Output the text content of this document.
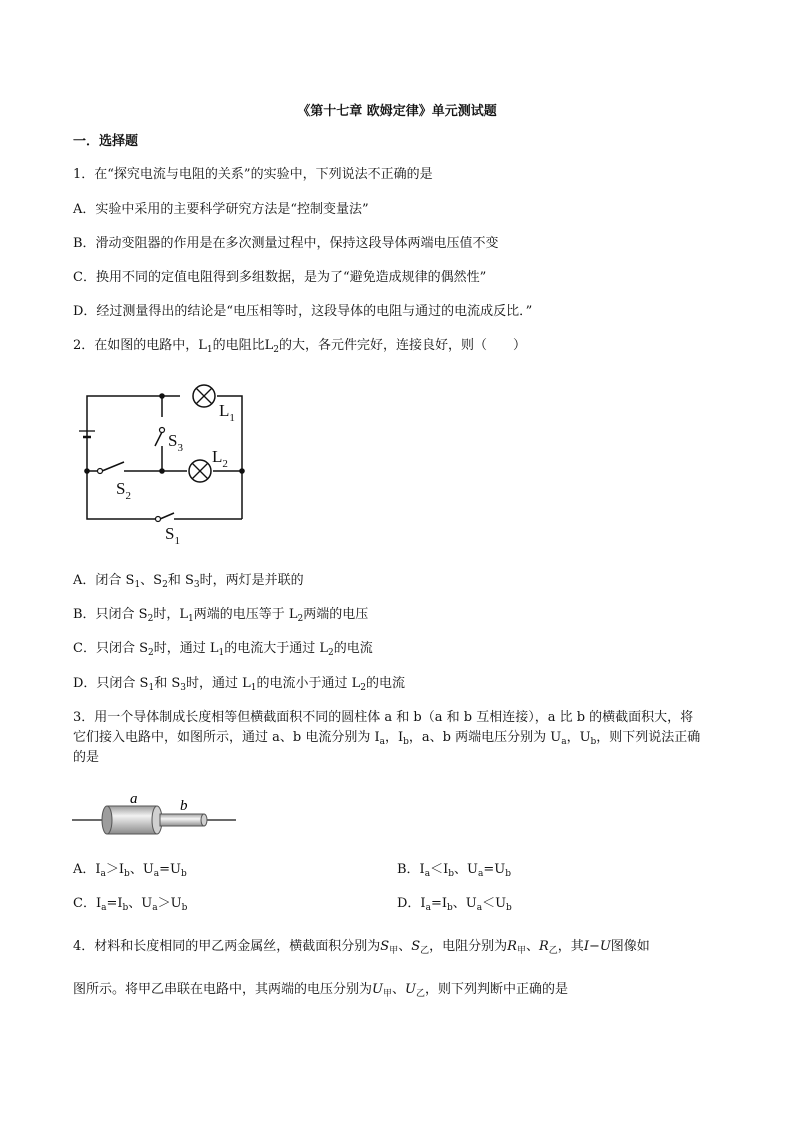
《第十七章 欧姆定律》单元测试题
一．选择题
1．在“探究电流与电阻的关系”的实验中，下列说法不正确的是
A．实验中采用的主要科学研究方法是“控制变量法”
B．滑动变阻器的作用是在多次测量过程中，保持这段导体两端电压值不变
C．换用不同的定值电阻得到多组数据，是为了“避免造成规律的偶然性”
D．经过测量得出的结论是“电压相等时，这段导体的电阻与通过的电流成反比．”
2．在如图的电路中，$L_1$的电阻比$L_2$的大，各元件完好，连接良好，则（　　）
$L_1$
$L_2$
$S_3$
$S_2$
$S_1$
A．闭合 $S_1$、$S_2$和 $S_3$时，两灯是并联的
B．只闭合 $S_2$时，$L_1$两端的电压等于 $L_2$两端的电压
C．只闭合 $S_2$时，通过 $L_1$的电流大于通过 $L_2$的电流
D．只闭合 $S_1$和 $S_3$时，通过 $L_1$的电流小于通过 $L_2$的电流
3．用一个导体制成长度相等但横截面积不同的圆柱体 a 和 b（a 和 b 互相连接），a 比 b 的横截面积大，将
它们接入电路中，如图所示，通过 a、b 电流分别为 $I_a$，$I_b$，a、b 两端电压分别为 $U_a$，$U_b$，则下列说法正确
的是
a	b
A．$I_a>I_b$、$U_a=U_b$	B．$I_a<I_b$、$U_a=U_b$
C．$I_a=I_b$、$U_a>U_b$	D．$I_a=I_b$、$U_a<U_b$
4．材料和长度相同的甲乙两金属丝，横截面积分别为$S_甲$、$S_乙$，电阻分别为$R_甲$、$R_乙$，其I−U图像如
图所示。将甲乙串联在电路中，其两端的电压分别为$U_甲$、$U_乙$，则下列判断中正确的是
